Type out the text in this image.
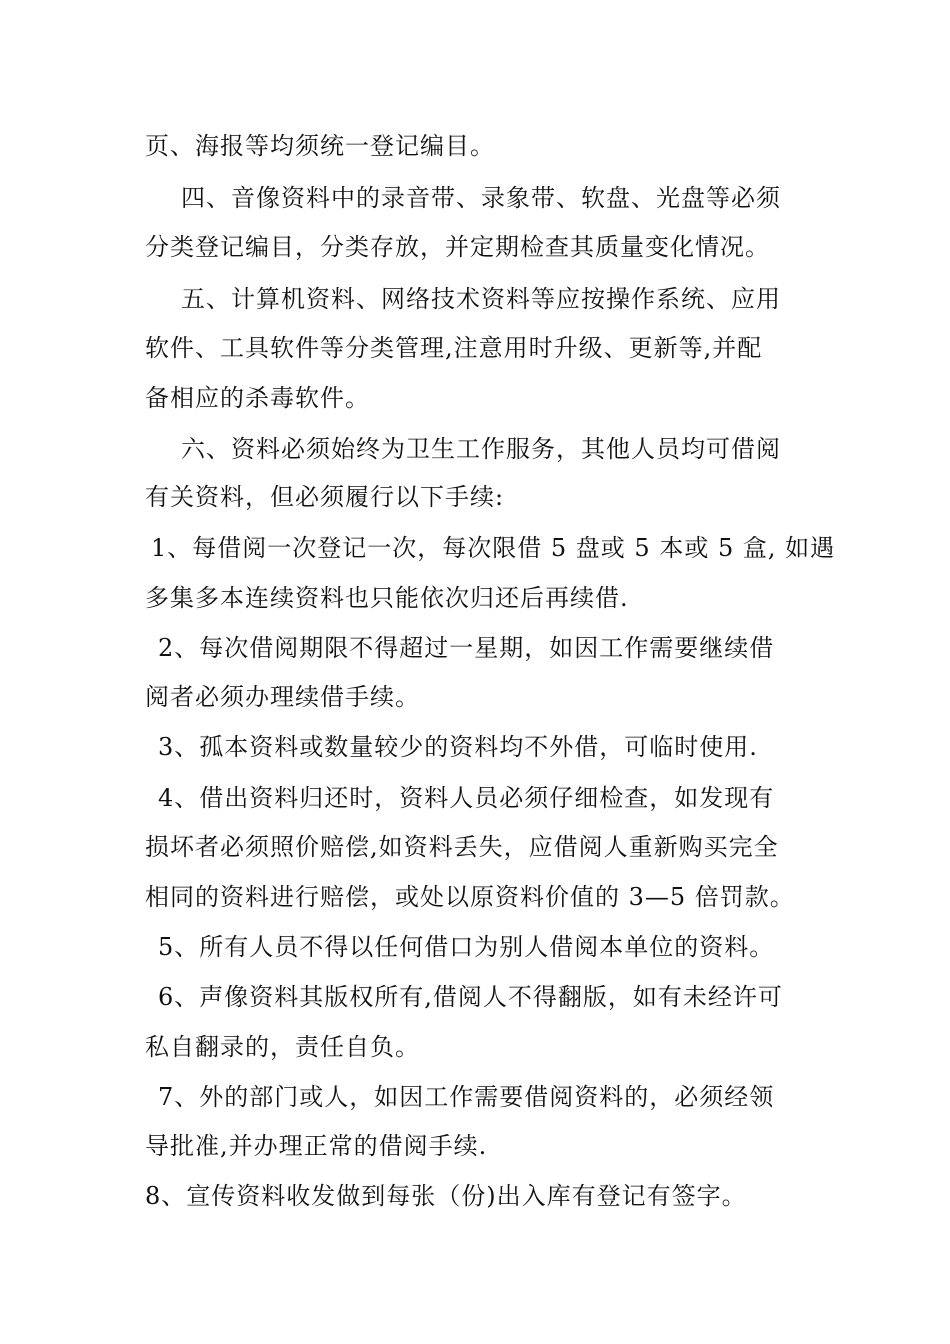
页、海报等均须统一登记编目。

四、音像资料中的录音带、录象带、软盘、光盘等必须

分类登记编目，分类存放，并定期检查其质量变化情况。

五、计算机资料、网络技术资料等应按操作系统、应用

软件、工具软件等分类管理,注意用时升级、更新等,并配

备相应的杀毒软件。

六、资料必须始终为卫生工作服务，其他人员均可借阅

有关资料，但必须履行以下手续:

1、每借阅一次登记一次，每次限借 5 盘或 5 本或 5 盒, 如遇

多集多本连续资料也只能依次归还后再续借.

2、每次借阅期限不得超过一星期，如因工作需要继续借

阅者必须办理续借手续。

3、孤本资料或数量较少的资料均不外借，可临时使用.

4、借出资料归还时，资料人员必须仔细检查，如发现有

损坏者必须照价赔偿,如资料丢失，应借阅人重新购买完全

相同的资料进行赔偿，或处以原资料价值的 3—5 倍罚款。

5、所有人员不得以任何借口为别人借阅本单位的资料。

6、声像资料其版权所有,借阅人不得翻版，如有未经许可

私自翻录的，责任自负。

7、外的部门或人，如因工作需要借阅资料的，必须经领

导批准,并办理正常的借阅手续.

8、宣传资料收发做到每张（份)出入库有登记有签字。
